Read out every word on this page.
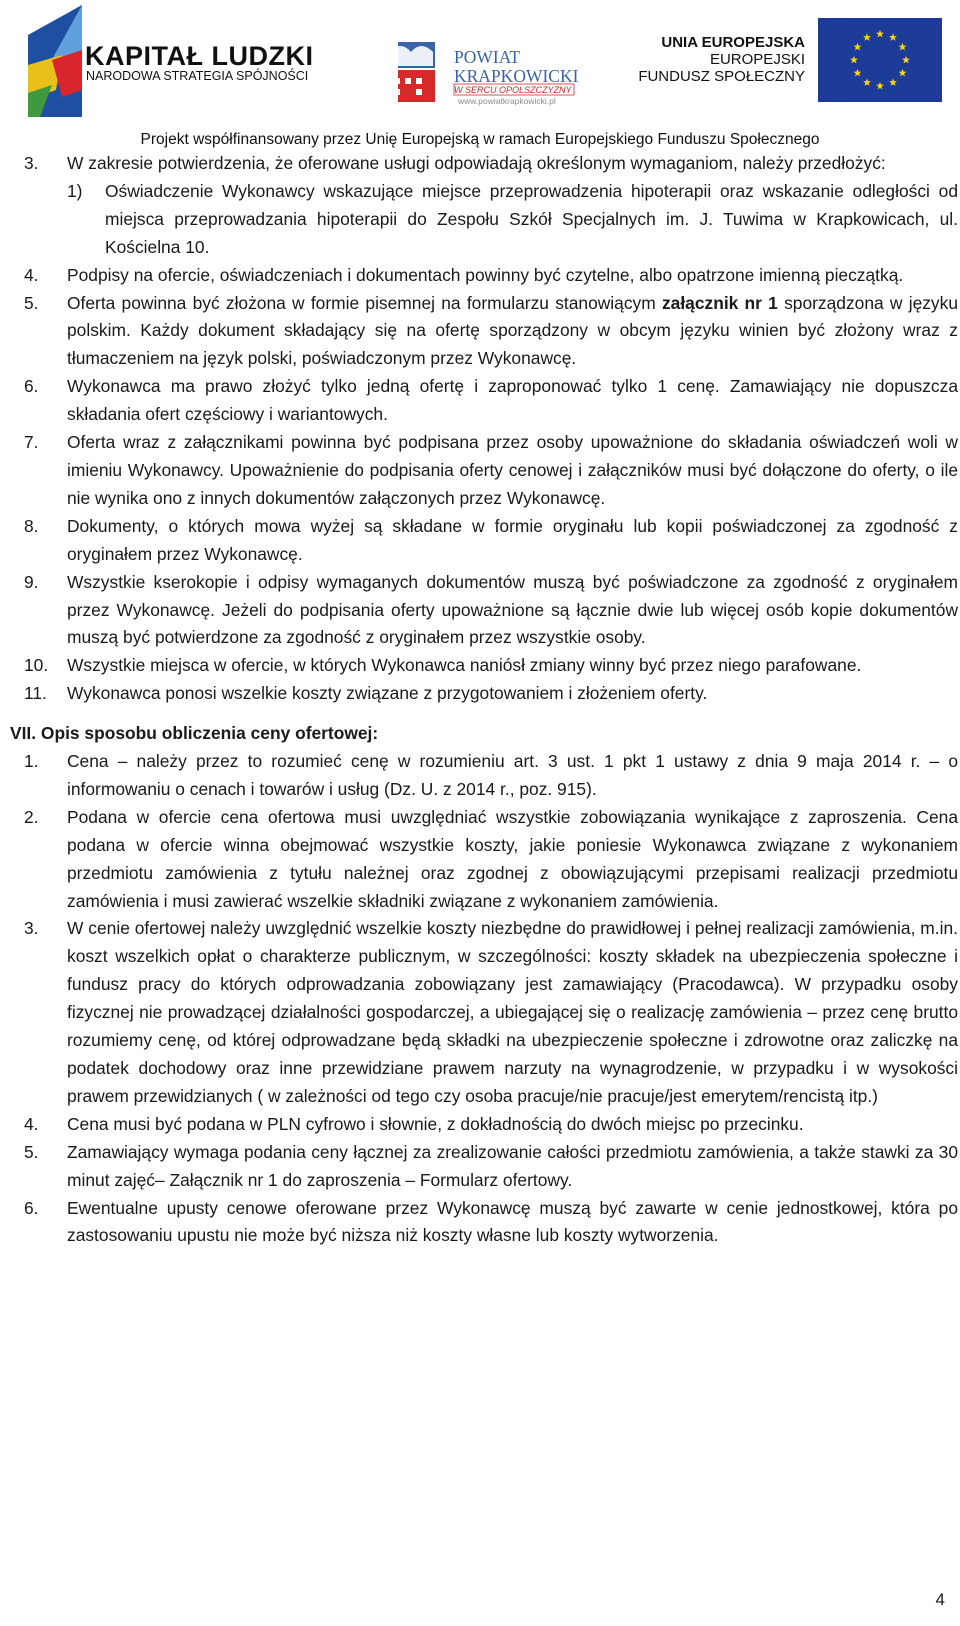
KAPITAŁ LUDZKI
NARODOWA STRATEGIA SPÓJNOŚCI
POWIAT
KRAPKOWICKI
W SERCU OPOLSZCZYZNY
www.powiatkrapkowicki.pl
UNIA EUROPEJSKA
EUROPEJSKI
FUNDUSZ SPOŁECZNY
Projekt współfinansowany przez Unię Europejską w ramach Europejskiego Funduszu Społecznego
3. W zakresie potwierdzenia, że oferowane usługi odpowiadają określonym wymaganiom, należy przedłożyć:
1) Oświadczenie Wykonawcy wskazujące miejsce przeprowadzenia hipoterapii oraz wskazanie odległości od miejsca przeprowadzania hipoterapii do Zespołu Szkół Specjalnych im. J. Tuwima w Krapkowicach, ul. Kościelna 10.
4. Podpisy na ofercie, oświadczeniach i dokumentach powinny być czytelne, albo opatrzone imienną pieczątką.
5. Oferta powinna być złożona w formie pisemnej na formularzu stanowiącym załącznik nr 1 sporządzona w języku polskim. Każdy dokument składający się na ofertę sporządzony w obcym języku winien być złożony wraz z tłumaczeniem na język polski, poświadczonym przez Wykonawcę.
6. Wykonawca ma prawo złożyć tylko jedną ofertę i zaproponować tylko 1 cenę. Zamawiający nie dopuszcza składania ofert częściowy i wariantowych.
7. Oferta wraz z załącznikami powinna być podpisana przez osoby upoważnione do składania oświadczeń woli w imieniu Wykonawcy. Upoważnienie do podpisania oferty cenowej i załączników musi być dołączone do oferty, o ile nie wynika ono z innych dokumentów załączonych przez Wykonawcę.
8. Dokumenty, o których mowa wyżej są składane w formie oryginału lub kopii poświadczonej za zgodność z oryginałem przez Wykonawcę.
9. Wszystkie kserokopie i odpisy wymaganych dokumentów muszą być poświadczone za zgodność z oryginałem przez Wykonawcę. Jeżeli do podpisania oferty upoważnione są łącznie dwie lub więcej osób kopie dokumentów muszą być potwierdzone za zgodność z oryginałem przez wszystkie osoby.
10. Wszystkie miejsca w ofercie, w których Wykonawca naniósł zmiany winny być przez niego parafowane.
11. Wykonawca ponosi wszelkie koszty związane z przygotowaniem i złożeniem oferty.
VII. Opis sposobu obliczenia ceny ofertowej:
1. Cena – należy przez to rozumieć cenę w rozumieniu art. 3 ust. 1 pkt 1 ustawy z dnia 9 maja 2014 r. – o informowaniu o cenach i towarów i usług (Dz. U. z 2014 r., poz. 915).
2. Podana w ofercie cena ofertowa musi uwzględniać wszystkie zobowiązania wynikające z zaproszenia. Cena podana w ofercie winna obejmować wszystkie koszty, jakie poniesie Wykonawca związane z wykonaniem przedmiotu zamówienia z tytułu należnej oraz zgodnej z obowiązującymi przepisami realizacji przedmiotu zamówienia i musi zawierać wszelkie składniki związane z wykonaniem zamówienia.
3. W cenie ofertowej należy uwzględnić wszelkie koszty niezbędne do prawidłowej i pełnej realizacji zamówienia, m.in. koszt wszelkich opłat o charakterze publicznym, w szczególności: koszty składek na ubezpieczenia społeczne i fundusz pracy do których odprowadzania zobowiązany jest zamawiający (Pracodawca). W przypadku osoby fizycznej nie prowadzącej działalności gospodarczej, a ubiegającej się o realizację zamówienia – przez cenę brutto rozumiemy cenę, od której odprowadzane będą składki na ubezpieczenie społeczne i zdrowotne oraz zaliczkę na podatek dochodowy oraz inne przewidziane prawem narzuty na wynagrodzenie, w przypadku i w wysokości prawem przewidzianych ( w zależności od tego czy osoba pracuje/nie pracuje/jest emerytem/rencistą itp.)
4. Cena musi być podana w PLN cyfrowo i słownie, z dokładnością do dwóch miejsc po przecinku.
5. Zamawiający wymaga podania ceny łącznej za zrealizowanie całości przedmiotu zamówienia, a także stawki za 30 minut zajęć– Załącznik nr 1 do zaproszenia – Formularz ofertowy.
6. Ewentualne upusty cenowe oferowane przez Wykonawcę muszą być zawarte w cenie jednostkowej, która po zastosowaniu upustu nie może być niższa niż koszty własne lub koszty wytworzenia.
4
